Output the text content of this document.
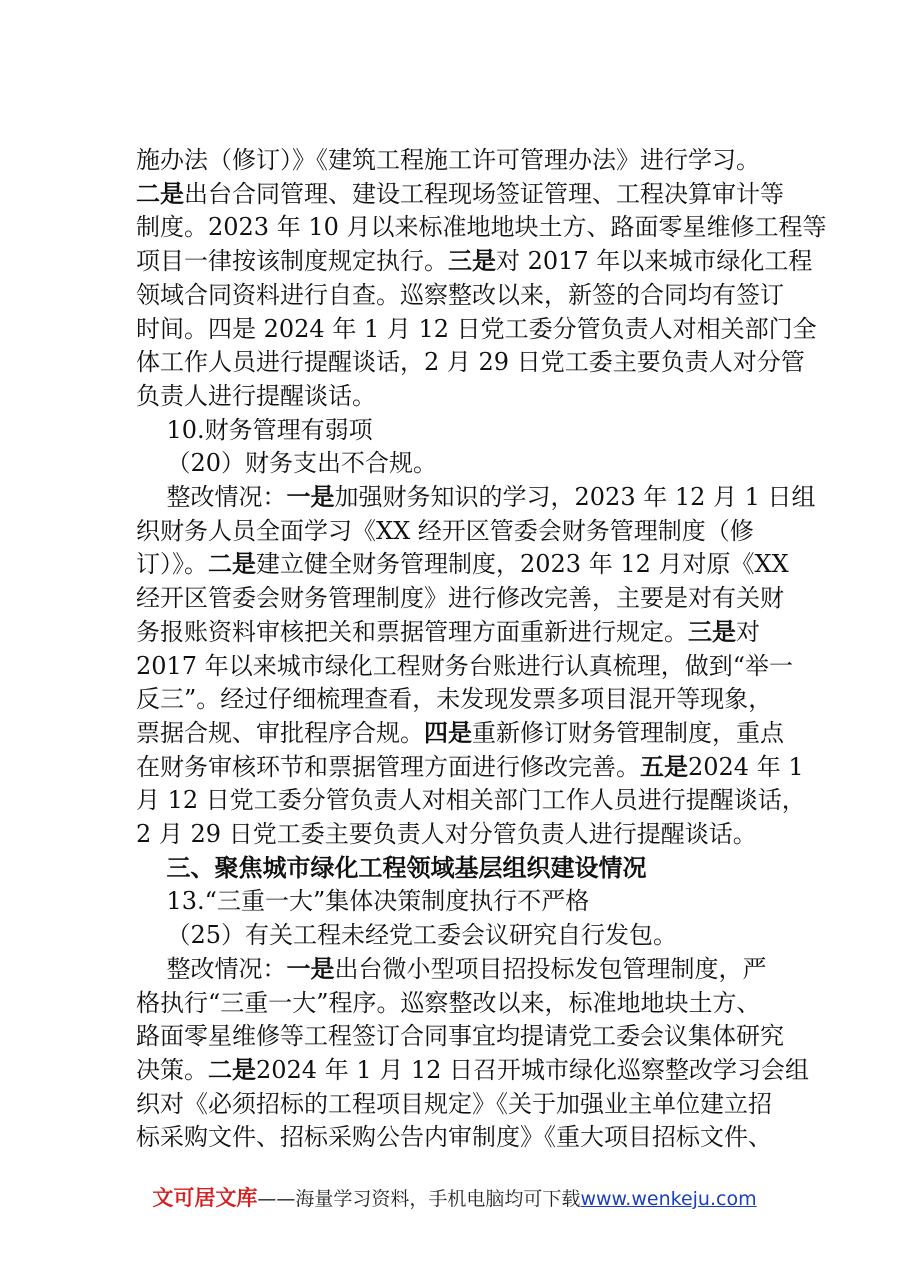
施办法（修订）》《建筑工程施工许可管理办法》进行学习。
二是出台合同管理、建设工程现场签证管理、工程决算审计等
制度。2023 年 10 月以来标准地地块土方、路面零星维修工程等
项目一律按该制度规定执行。三是对 2017 年以来城市绿化工程
领域合同资料进行自查。巡察整改以来，新签的合同均有签订
时间。四是 2024 年 1 月 12 日党工委分管负责人对相关部门全
体工作人员进行提醒谈话，2 月 29 日党工委主要负责人对分管
负责人进行提醒谈话。
10.财务管理有弱项
（20）财务支出不合规。
整改情况：一是加强财务知识的学习，2023 年 12 月 1 日组
织财务人员全面学习《XX 经开区管委会财务管理制度（修
订）》。二是建立健全财务管理制度，2023 年 12 月对原《XX
经开区管委会财务管理制度》进行修改完善，主要是对有关财
务报账资料审核把关和票据管理方面重新进行规定。三是对
2017 年以来城市绿化工程财务台账进行认真梳理，做到“举一
反三”。经过仔细梳理查看，未发现发票多项目混开等现象，
票据合规、审批程序合规。四是重新修订财务管理制度，重点
在财务审核环节和票据管理方面进行修改完善。五是2024 年 1
月 12 日党工委分管负责人对相关部门工作人员进行提醒谈话，
2 月 29 日党工委主要负责人对分管负责人进行提醒谈话。
三、聚焦城市绿化工程领域基层组织建设情况
13.“三重一大”集体决策制度执行不严格
（25）有关工程未经党工委会议研究自行发包。
整改情况：一是出台微小型项目招投标发包管理制度，严
格执行“三重一大”程序。巡察整改以来，标准地地块土方、
路面零星维修等工程签订合同事宜均提请党工委会议集体研究
决策。二是2024 年 1 月 12 日召开城市绿化巡察整改学习会组
织对《必须招标的工程项目规定》《关于加强业主单位建立招
标采购文件、招标采购公告内审制度》《重大项目招标文件、
文可居文库——海量学习资料，手机电脑均可下载www.wenkeju.com
